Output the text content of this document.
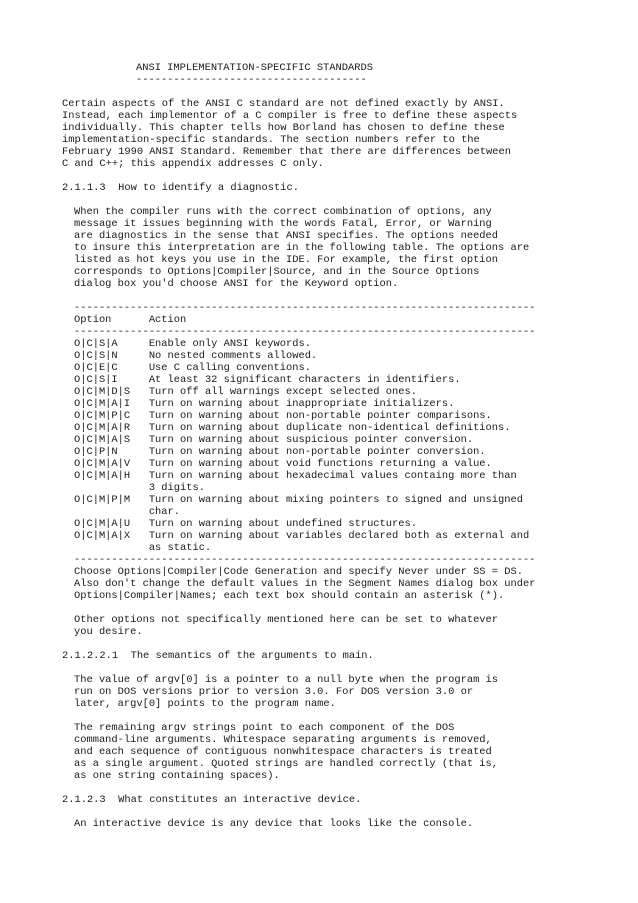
ANSI IMPLEMENTATION-SPECIFIC STANDARDS
-------------------------------------
Certain aspects of the ANSI C standard are not defined exactly by ANSI.
Instead, each implementor of a C compiler is free to define these aspects
individually. This chapter tells how Borland has chosen to define these
implementation-specific standards. The section numbers refer to the
February 1990 ANSI Standard. Remember that there are differences between
C and C++; this appendix addresses C only.
2.1.1.3  How to identify a diagnostic.
When the compiler runs with the correct combination of options, any
message it issues beginning with the words Fatal, Error, or Warning
are diagnostics in the sense that ANSI specifies. The options needed
to insure this interpretation are in the following table. The options are
listed as hot keys you use in the IDE. For example, the first option
corresponds to Options|Compiler|Source, and in the Source Options
dialog box you'd choose ANSI for the Keyword option.
--------------------------------------------------------------------------
Option      Action
--------------------------------------------------------------------------
O|C|S|A     Enable only ANSI keywords.
O|C|S|N     No nested comments allowed.
O|C|E|C     Use C calling conventions.
O|C|S|I     At least 32 significant characters in identifiers.
O|C|M|D|S   Turn off all warnings except selected ones.
O|C|M|A|I   Turn on warning about inappropriate initializers.
O|C|M|P|C   Turn on warning about non-portable pointer comparisons.
O|C|M|A|R   Turn on warning about duplicate non-identical definitions.
O|C|M|A|S   Turn on warning about suspicious pointer conversion.
O|C|P|N     Turn on warning about non-portable pointer conversion.
O|C|M|A|V   Turn on warning about void functions returning a value.
O|C|M|A|H   Turn on warning about hexadecimal values containg more than
3 digits.
O|C|M|P|M   Turn on warning about mixing pointers to signed and unsigned
char.
O|C|M|A|U   Turn on warning about undefined structures.
O|C|M|A|X   Turn on warning about variables declared both as external and
as static.
--------------------------------------------------------------------------
Choose Options|Compiler|Code Generation and specify Never under SS = DS.
Also don't change the default values in the Segment Names dialog box under
Options|Compiler|Names; each text box should contain an asterisk (*).
Other options not specifically mentioned here can be set to whatever
you desire.
2.1.2.2.1  The semantics of the arguments to main.
The value of argv[0] is a pointer to a null byte when the program is
run on DOS versions prior to version 3.0. For DOS version 3.0 or
later, argv[0] points to the program name.
The remaining argv strings point to each component of the DOS
command-line arguments. Whitespace separating arguments is removed,
and each sequence of contiguous nonwhitespace characters is treated
as a single argument. Quoted strings are handled correctly (that is,
as one string containing spaces).
2.1.2.3  What constitutes an interactive device.
An interactive device is any device that looks like the console.
